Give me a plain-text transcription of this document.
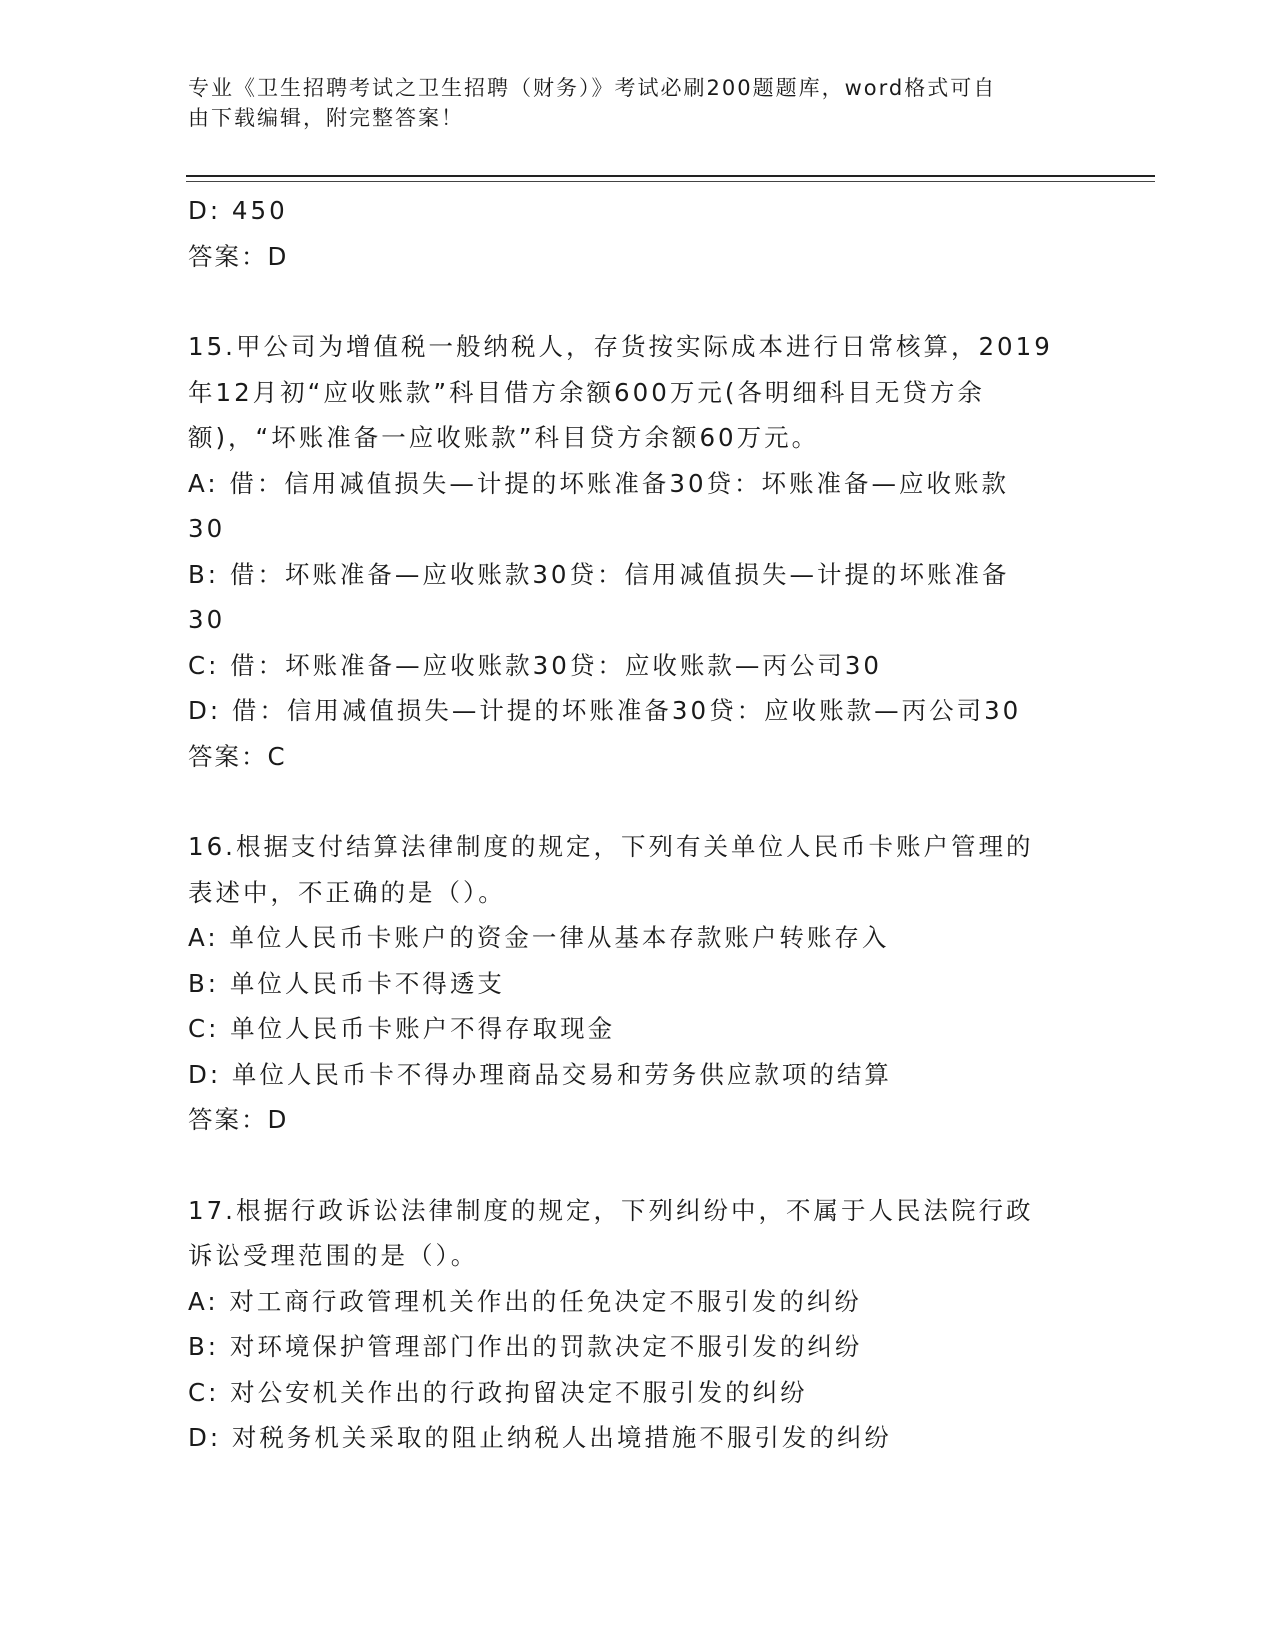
专业《卫生招聘考试之卫生招聘（财务）》考试必刷200题题库，word格式可自
由下载编辑，附完整答案！
D: 450
答案：D
15.甲公司为增值税一般纳税人，存货按实际成本进行日常核算，2019
年12月初“应收账款”科目借方余额600万元(各明细科目无贷方余
额)，“坏账准备一应收账款”科目贷方余额60万元。
A: 借：信用减值损失—计提的坏账准备30贷：坏账准备—应收账款
30
B: 借：坏账准备—应收账款30贷：信用减值损失—计提的坏账准备
30
C: 借：坏账准备—应收账款30贷：应收账款—丙公司30
D: 借：信用减值损失—计提的坏账准备30贷：应收账款—丙公司30
答案：C
16.根据支付结算法律制度的规定，下列有关单位人民币卡账户管理的
表述中，不正确的是（）。
A: 单位人民币卡账户的资金一律从基本存款账户转账存入
B: 单位人民币卡不得透支
C: 单位人民币卡账户不得存取现金
D: 单位人民币卡不得办理商品交易和劳务供应款项的结算
答案：D
17.根据行政诉讼法律制度的规定，下列纠纷中，不属于人民法院行政
诉讼受理范围的是（）。
A: 对工商行政管理机关作出的任免决定不服引发的纠纷
B: 对环境保护管理部门作出的罚款决定不服引发的纠纷
C: 对公安机关作出的行政拘留决定不服引发的纠纷
D: 对税务机关采取的阻止纳税人出境措施不服引发的纠纷
